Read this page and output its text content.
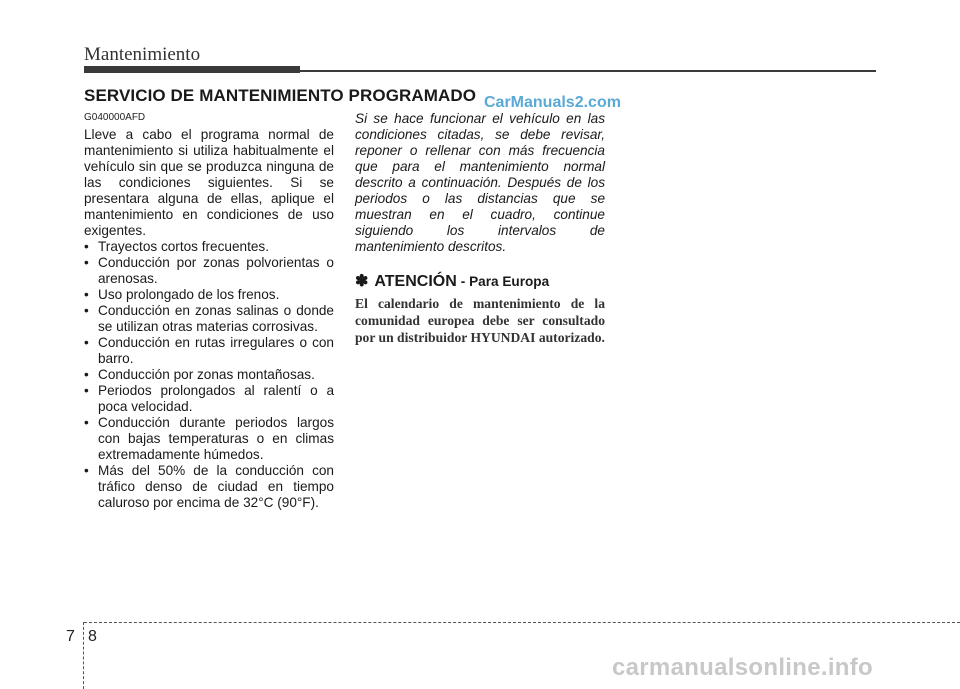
Mantenimiento
SERVICIO DE MANTENIMIENTO PROGRAMADO CarManuals2.com
G040000AFD

Lleve a cabo el programa normal de mantenimiento si utiliza habitualmente el vehículo sin que se produzca ninguna de las condiciones siguientes. Si se presentara alguna de ellas, aplique el mantenimiento en condiciones de uso exigentes.

• Trayectos cortos frecuentes.
• Conducción por zonas polvorientas o arenosas.
• Uso prolongado de los frenos.
• Conducción en zonas salinas o donde se utilizan otras materias corrosivas.
• Conducción en rutas irregulares o con barro.
• Conducción por zonas montañosas.
• Periodos prolongados al ralentí o a poca velocidad.
• Conducción durante periodos largos con bajas temperaturas o en climas extremadamente húmedos.
• Más del 50% de la conducción con tráfico denso de ciudad en tiempo caluroso por encima de 32°C (90°F).

Si se hace funcionar el vehículo en las condiciones citadas, se debe revisar, reponer o rellenar con más frecuencia que para el mantenimiento normal descrito a continuación. Después de los periodos o las distancias que se muestran en el cuadro, continue siguiendo los intervalos de mantenimiento descritos.

✽ ATENCIÓN - Para Europa
El calendario de mantenimiento de la comunidad europea debe ser consultado por un distribuidor HYUNDAI autorizado.
7 8
carmanualsonline.info
